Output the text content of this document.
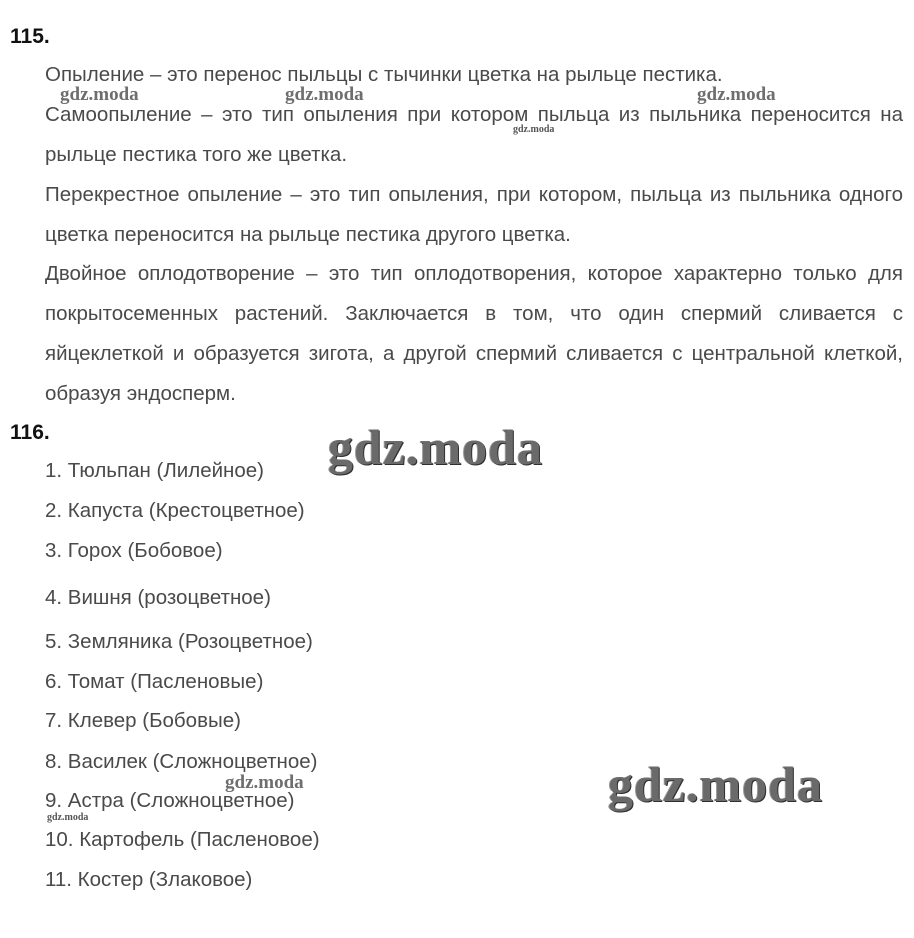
115.
Опыление – это перенос пыльцы с тычинки цветка на рыльце пестика.
Самоопыление – это тип опыления при котором пыльца из пыльника переносится на рыльце пестика того же цветка.
Перекрестное опыление – это тип опыления, при котором, пыльца из пыльника одного цветка переносится на рыльце пестика другого цветка.
Двойное оплодотворение – это тип оплодотворения, которое характерно только для покрытосеменных растений. Заключается в том, что один спермий сливается с яйцеклеткой и образуется зигота, а другой спермий сливается с центральной клеткой, образуя эндосперм.
116.
1. Тюльпан (Лилейное)
2. Капуста (Крестоцветное)
3. Горох (Бобовое)
4. Вишня (розоцветное)
5. Земляника (Розоцветное)
6. Томат (Пасленовые)
7. Клевер (Бобовые)
8. Василек (Сложноцветное)
9. Астра (Сложноцветное)
10. Картофель (Пасленовое)
11. Костер (Злаковое)
gdz.moda	gdz.moda	gdz.moda
gdz.moda
gdz.moda
gdz.moda
gdz.moda
gdz.moda
